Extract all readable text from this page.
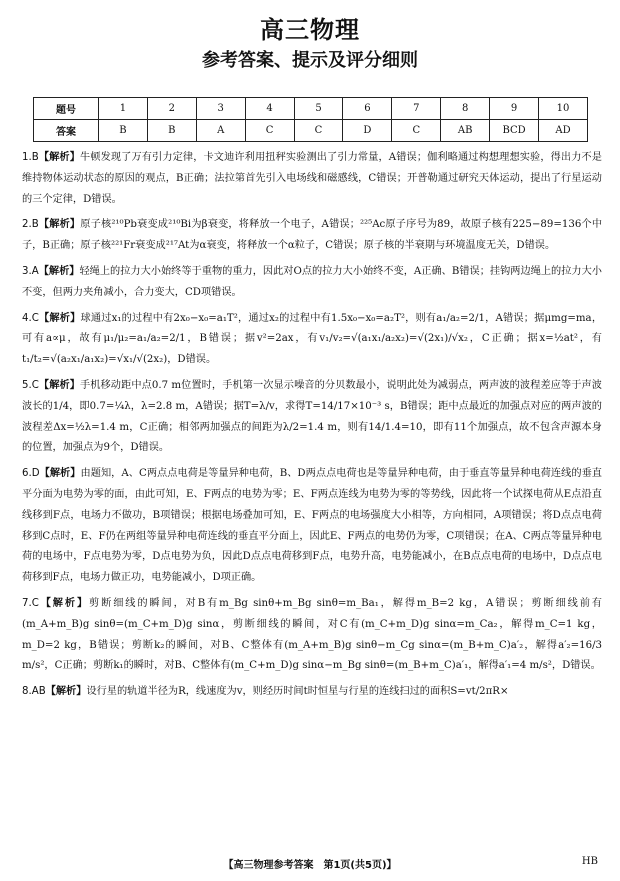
高三物理
参考答案、提示及评分细则
题号	1	2	3	4	5	6	7	8	9	10
答案	B	B	A	C	C	D	C	AB	BCD	AD
1.B【解析】牛顿发现了万有引力定律，卡文迪许利用扭秤实验测出了引力常量，A错误；伽利略通过构想理想实验，得出力不是维持物体运动状态的原因的观点，B正确；法拉第首先引入电场线和磁感线，C错误；开普勒通过研究天体运动，提出了行星运动的三个定律，D错误。
2.B【解析】原子核²¹⁰Pb衰变成²¹⁰Bi为β衰变，将释放一个电子，A错误；²²⁵Ac原子序号为89，故原子核有225−89=136个中子，B正确；原子核²²¹Fr衰变成²¹⁷At为α衰变，将释放一个α粒子，C错误；原子核的半衰期与环境温度无关，D错误。
3.A【解析】轻绳上的拉力大小始终等于重物的重力，因此对O点的拉力大小始终不变，A正确、B错误；挂钩两边绳上的拉力大小不变，但两力夹角减小，合力变大，CD项错误。
4.C【解析】球通过x₁的过程中有2x₀−x₀=a₁T²，通过x₂的过程中有1.5x₀−x₀=a₂T²，则有a₁/a₂=2/1，A错误；据μmg=ma，可有a∝μ，故有μ₁/μ₂=a₁/a₂=2/1，B错误；据v²=2ax，有v₁/v₂=√(a₁x₁/a₂x₂)=√(2x₁)/√x₂，C正确；据x=½at²，有t₁/t₂=√(a₂x₁/a₁x₂)=√x₁/√(2x₂)，D错误。
5.C【解析】手机移动距中点0.7 m位置时，手机第一次显示噪音的分贝数最小，说明此处为减弱点，两声波的波程差应等于声波波长的1/4，即0.7=¼λ，λ=2.8 m，A错误；据T=λ/v，求得T=14/17×10⁻³ s，B错误；距中点最近的加强点对应的两声波的波程差Δx=½λ=1.4 m，C正确；相邻两加强点的间距为λ/2=1.4 m，则有14/1.4=10，即有11个加强点，故不包含声源本身的位置，加强点为9个，D错误。
6.D【解析】由题知，A、C两点点电荷是等量异种电荷，B、D两点点电荷也是等量异种电荷，由于垂直等量异种电荷连线的垂直平分面为电势为零的面，由此可知，E、F两点的电势为零；E、F两点连线为电势为零的等势线，因此将一个试探电荷从E点沿直线移到F点，电场力不做功，B项错误；根据电场叠加可知，E、F两点的电场强度大小相等，方向相同，A项错误；将D点点电荷移到C点时，E、F仍在两组等量异种电荷连线的垂直平分面上，因此E、F两点的电势仍为零，C项错误；在A、C两点等量异种电荷的电场中，F点电势为零，D点电势为负，因此D点点电荷移到F点，电势升高，电势能减小，在B点点电荷的电场中，D点点电荷移到F点，电场力做正功，电势能减小，D项正确。
7.C【解析】剪断细线的瞬间，对B有m_Bg sinθ+m_Bg sinθ=m_Ba₁，解得m_B=2 kg，A错误；剪断细线前有(m_A+m_B)g sinθ=(m_C+m_D)g sinα，剪断细线的瞬间，对C有(m_C+m_D)g sinα=m_Ca₂，解得m_C=1 kg，m_D=2 kg，B错误；剪断k₂的瞬间，对B、C整体有(m_A+m_B)g sinθ−m_Cg sinα=(m_B+m_C)a′₂，解得a′₂=16/3 m/s²，C正确；剪断k₁的瞬时，对B、C整体有(m_C+m_D)g sinα−m_Bg sinθ=(m_B+m_C)a′₁，解得a′₁=4 m/s²，D错误。
8.AB【解析】设行星的轨道半径为R，线速度为v，则经历时间t时恒星与行星的连线扫过的面积S=vt/2πR×
【高三物理参考答案　第1页(共5页)】	HB
